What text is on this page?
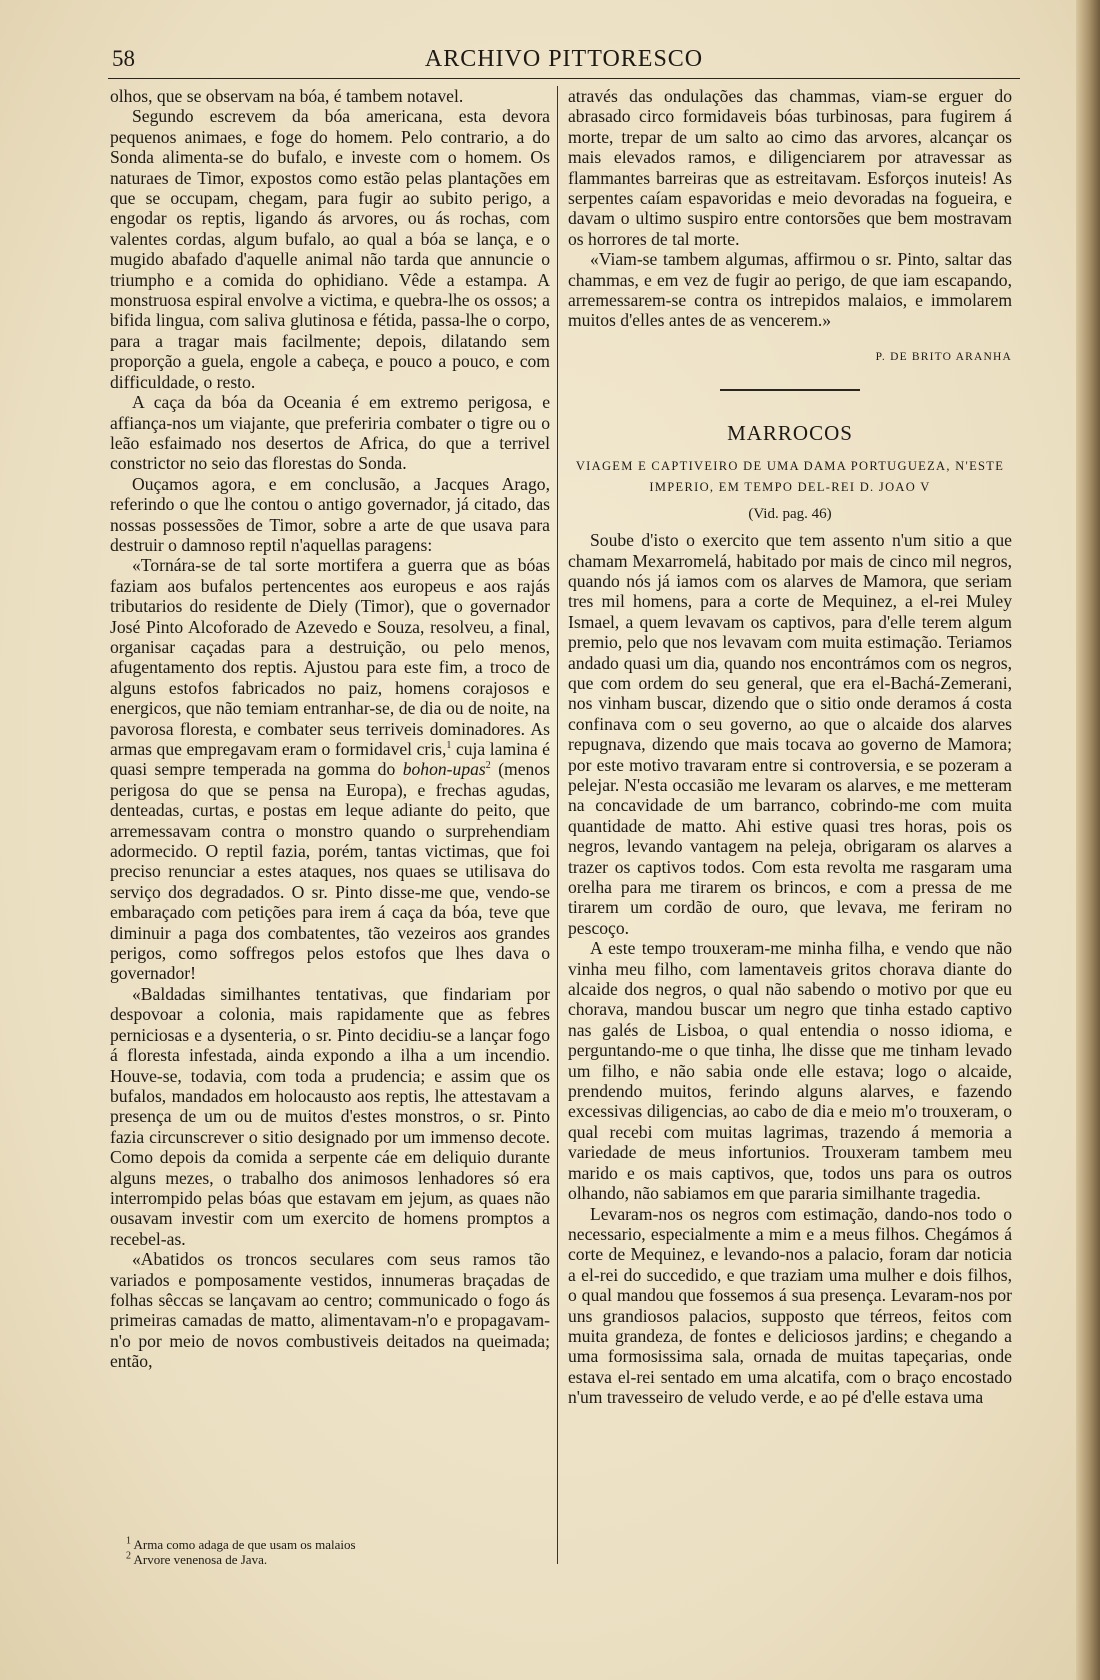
58	ARCHIVO PITTORESCO

olhos, que se observam na bóa, é tambem notavel.

Segundo escrevem da bóa americana, esta devora pequenos animaes, e foge do homem. Pelo contrario, a do Sonda alimenta-se do bufalo, e investe com o homem. Os naturaes de Timor, expostos como estão pelas plantações em que se occupam, chegam, para fugir ao subito perigo, a engodar os reptis, ligando ás arvores, ou ás rochas, com valentes cordas, algum bufalo, ao qual a bóa se lança, e o mugido abafado d'aquelle animal não tarda que annuncie o triumpho e a comida do ophidiano. Vêde a estampa. A monstruosa espiral envolve a victima, e quebra-lhe os ossos; a bifida lingua, com saliva glutinosa e fétida, passa-lhe o corpo, para a tragar mais facilmente; depois, dilatando sem proporção a guela, engole a cabeça, e pouco a pouco, e com difficuldade, o resto.

A caça da bóa da Oceania é em extremo perigosa, e affiança-nos um viajante, que preferiria combater o tigre ou o leão esfaimado nos desertos de Africa, do que a terrivel constrictor no seio das florestas do Sonda.

Ouçamos agora, e em conclusão, a Jacques Arago, referindo o que lhe contou o antigo governador, já citado, das nossas possessões de Timor, sobre a arte de que usava para destruir o damnoso reptil n'aquellas paragens:

«Tornára-se de tal sorte mortifera a guerra que as bóas faziam aos bufalos pertencentes aos europeus e aos rajás tributarios do residente de Diely (Timor), que o governador José Pinto Alcoforado de Azevedo e Souza, resolveu, a final, organisar caçadas para a destruição, ou pelo menos, afugentamento dos reptis. Ajustou para este fim, a troco de alguns estofos fabricados no paiz, homens corajosos e energicos, que não temiam entranhar-se, de dia ou de noite, na pavorosa floresta, e combater seus terriveis dominadores. As armas que empregavam eram o formidavel cris,$^1$ cuja lamina é quasi sempre temperada na gomma do bohon-upas$^2$ (menos perigosa do que se pensa na Europa), e frechas agudas, denteadas, curtas, e postas em leque adiante do peito, que arremessavam contra o monstro quando o surprehendiam adormecido. O reptil fazia, porém, tantas victimas, que foi preciso renunciar a estes ataques, nos quaes se utilisava do serviço dos degradados. O sr. Pinto disse-me que, vendo-se embaraçado com petições para irem á caça da bóa, teve que diminuir a paga dos combatentes, tão vezeiros aos grandes perigos, como soffregos pelos estofos que lhes dava o governador!

«Baldadas similhantes tentativas, que findariam por despovoar a colonia, mais rapidamente que as febres perniciosas e a dysenteria, o sr. Pinto decidiu-se a lançar fogo á floresta infestada, ainda expondo a ilha a um incendio. Houve-se, todavia, com toda a prudencia; e assim que os bufalos, mandados em holocausto aos reptis, lhe attestavam a presença de um ou de muitos d'estes monstros, o sr. Pinto fazia circunscrever o sitio designado por um immenso decote. Como depois da comida a serpente cáe em deliquio durante alguns mezes, o trabalho dos animosos lenhadores só era interrompido pelas bóas que estavam em jejum, as quaes não ousavam investir com um exercito de homens promptos a recebel-as.

«Abatidos os troncos seculares com seus ramos tão variados e pomposamente vestidos, innumeras braçadas de folhas sêccas se lançavam ao centro; communicado o fogo ás primeiras camadas de matto, alimentavam-n'o e propagavam-n'o por meio de novos combustiveis deitados na queimada; então,

através das ondulações das chammas, viam-se erguer do abrasado circo formidaveis bóas turbinosas, para fugirem á morte, trepar de um salto ao cimo das arvores, alcançar os mais elevados ramos, e diligenciarem por atravessar as flammantes barreiras que as estreitavam. Esforços inuteis! As serpentes caíam espavoridas e meio devoradas na fogueira, e davam o ultimo suspiro entre contorsões que bem mostravam os horrores de tal morte.

«Viam-se tambem algumas, affirmou o sr. Pinto, saltar das chammas, e em vez de fugir ao perigo, de que iam escapando, arremessarem-se contra os intrepidos malaios, e immolarem muitos d'elles antes de as vencerem.»

P. DE BRITO ARANHA
MARROCOS
VIAGEM E CAPTIVEIRO DE UMA DAMA PORTUGUEZA, N'ESTE IMPERIO, EM TEMPO DEL-REI D. JOAO V
(Vid. pag. 46)

Soube d'isto o exercito que tem assento n'um sitio a que chamam Mexarromelá, habitado por mais de cinco mil negros, quando nós já iamos com os alarves de Mamora, que seriam tres mil homens, para a corte de Mequinez, a el-rei Muley Ismael, a quem levavam os captivos, para d'elle terem algum premio, pelo que nos levavam com muita estimação. Teriamos andado quasi um dia, quando nos encontrámos com os negros, que com ordem do seu general, que era el-Bachá-Zemerani, nos vinham buscar, dizendo que o sitio onde deramos á costa confinava com o seu governo, ao que o alcaide dos alarves repugnava, dizendo que mais tocava ao governo de Mamora; por este motivo travaram entre si controversia, e se pozeram a pelejar. N'esta occasião me levaram os alarves, e me metteram na concavidade de um barranco, cobrindo-me com muita quantidade de matto. Ahi estive quasi tres horas, pois os negros, levando vantagem na peleja, obrigaram os alarves a trazer os captivos todos. Com esta revolta me rasgaram uma orelha para me tirarem os brincos, e com a pressa de me tirarem um cordão de ouro, que levava, me feriram no pescoço.

A este tempo trouxeram-me minha filha, e vendo que não vinha meu filho, com lamentaveis gritos chorava diante do alcaide dos negros, o qual não sabendo o motivo por que eu chorava, mandou buscar um negro que tinha estado captivo nas galés de Lisboa, o qual entendia o nosso idioma, e perguntando-me o que tinha, lhe disse que me tinham levado um filho, e não sabia onde elle estava; logo o alcaide, prendendo muitos, ferindo alguns alarves, e fazendo excessivas diligencias, ao cabo de dia e meio m'o trouxeram, o qual recebi com muitas lagrimas, trazendo á memoria a variedade de meus infortunios. Trouxeram tambem meu marido e os mais captivos, que, todos uns para os outros olhando, não sabiamos em que pararia similhante tragedia.

Levaram-nos os negros com estimação, dando-nos todo o necessario, especialmente a mim e a meus filhos. Chegámos á corte de Mequinez, e levando-nos a palacio, foram dar noticia a el-rei do succedido, e que traziam uma mulher e dois filhos, o qual mandou que fossemos á sua presença. Levaram-nos por uns grandiosos palacios, supposto que térreos, feitos com muita grandeza, de fontes e deliciosos jardins; e chegando a uma formosissima sala, ornada de muitas tapeçarias, onde estava el-rei sentado em uma alcatifa, com o braço encostado n'um travesseiro de veludo verde, e ao pé d'elle estava uma

$^1$ Arma como adaga de que usam os malaios
$^2$ Arvore venenosa de Java.
